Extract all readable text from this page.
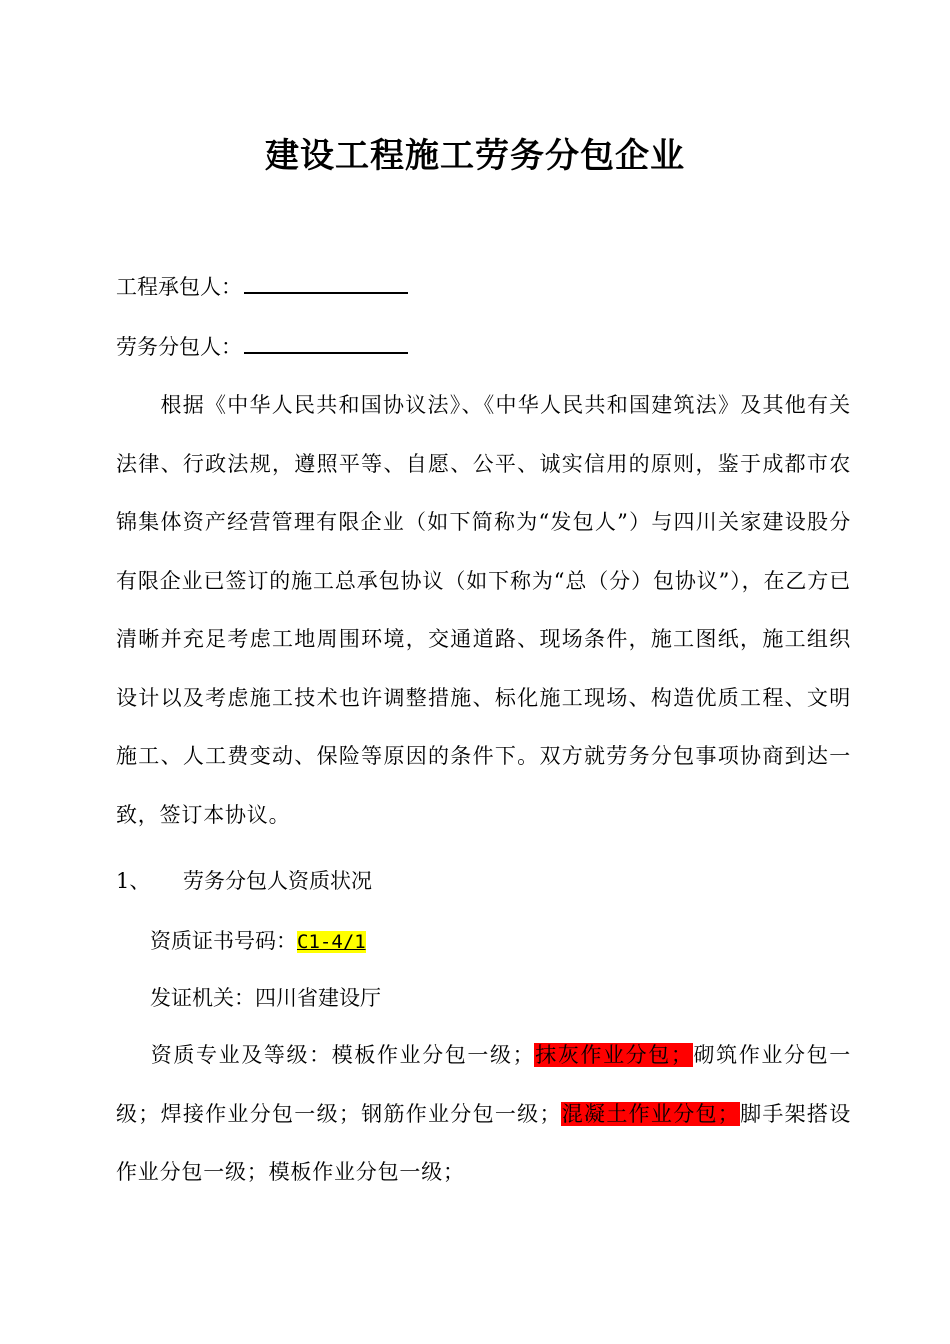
建设工程施工劳务分包企业
工程承包人：
劳务分包人：
根据《中华人民共和国协议法》、《中华人民共和国建筑法》及其他有关法律、行政法规，遵照平等、自愿、公平、诚实信用的原则，鉴于成都市农锦集体资产经营管理有限企业（如下简称为“发包人”）与四川关家建设股分有限企业已签订的施工总承包协议（如下称为“总（分）包协议”），在乙方已清晰并充足考虑工地周围环境，交通道路、现场条件，施工图纸，施工组织设计以及考虑施工技术也许调整措施、标化施工现场、构造优质工程、文明施工、人工费变动、保险等原因的条件下。双方就劳务分包事项协商到达一致，签订本协议。
1、 劳务分包人资质状况
资质证书号码：C1-4/1
发证机关：四川省建设厅
资质专业及等级：模板作业分包一级；抹灰作业分包；砌筑作业分包一级；焊接作业分包一级；钢筋作业分包一级；混凝土作业分包；脚手架搭设作业分包一级；模板作业分包一级；
